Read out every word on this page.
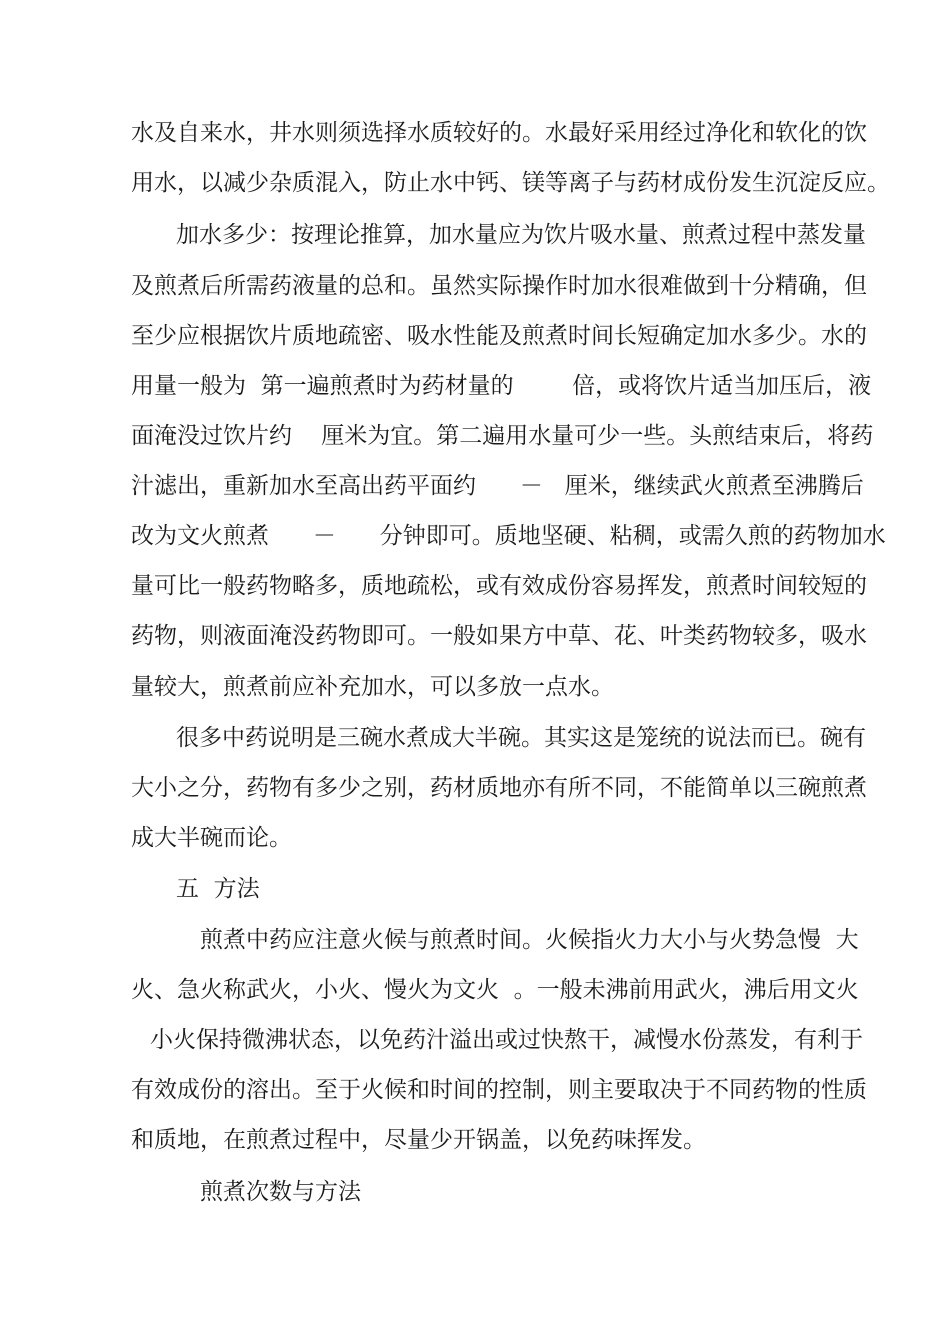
水及自来水，井水则须选择水质较好的。水最好采用经过净化和软化的饮
用水，以减少杂质混入，防止水中钙、镁等离子与药材成份发生沉淀反应。
加水多少：按理论推算，加水量应为饮片吸水量、煎煮过程中蒸发量
及煎煮后所需药液量的总和。虽然实际操作时加水很难做到十分精确，但
至少应根据饮片质地疏密、吸水性能及煎煮时间长短确定加水多少。水的
用量一般为  第一遍煎煮时为药材量的        倍，或将饮片适当加压后，液
面淹没过饮片约    厘米为宜。第二遍用水量可少一些。头煎结束后，将药
汁滤出，重新加水至高出药平面约      －   厘米，继续武火煎煮至沸腾后
改为文火煎煮      －      分钟即可。质地坚硬、粘稠，或需久煎的药物加水
量可比一般药物略多，质地疏松，或有效成份容易挥发，煎煮时间较短的
药物，则液面淹没药物即可。一般如果方中草、花、叶类药物较多，吸水
量较大，煎煮前应补充加水，可以多放一点水。
很多中药说明是三碗水煮成大半碗。其实这是笼统的说法而已。碗有
大小之分，药物有多少之别，药材质地亦有所不同，不能简单以三碗煎煮
成大半碗而论。
五  方法
煎煮中药应注意火候与煎煮时间。火候指火力大小与火势急慢  大
火、急火称武火，小火、慢火为文火  。一般未沸前用武火，沸后用文火
小火保持微沸状态，以免药汁溢出或过快熬干，减慢水份蒸发，有利于
有效成份的溶出。至于火候和时间的控制，则主要取决于不同药物的性质
和质地，在煎煮过程中，尽量少开锅盖，以免药味挥发。
煎煮次数与方法
